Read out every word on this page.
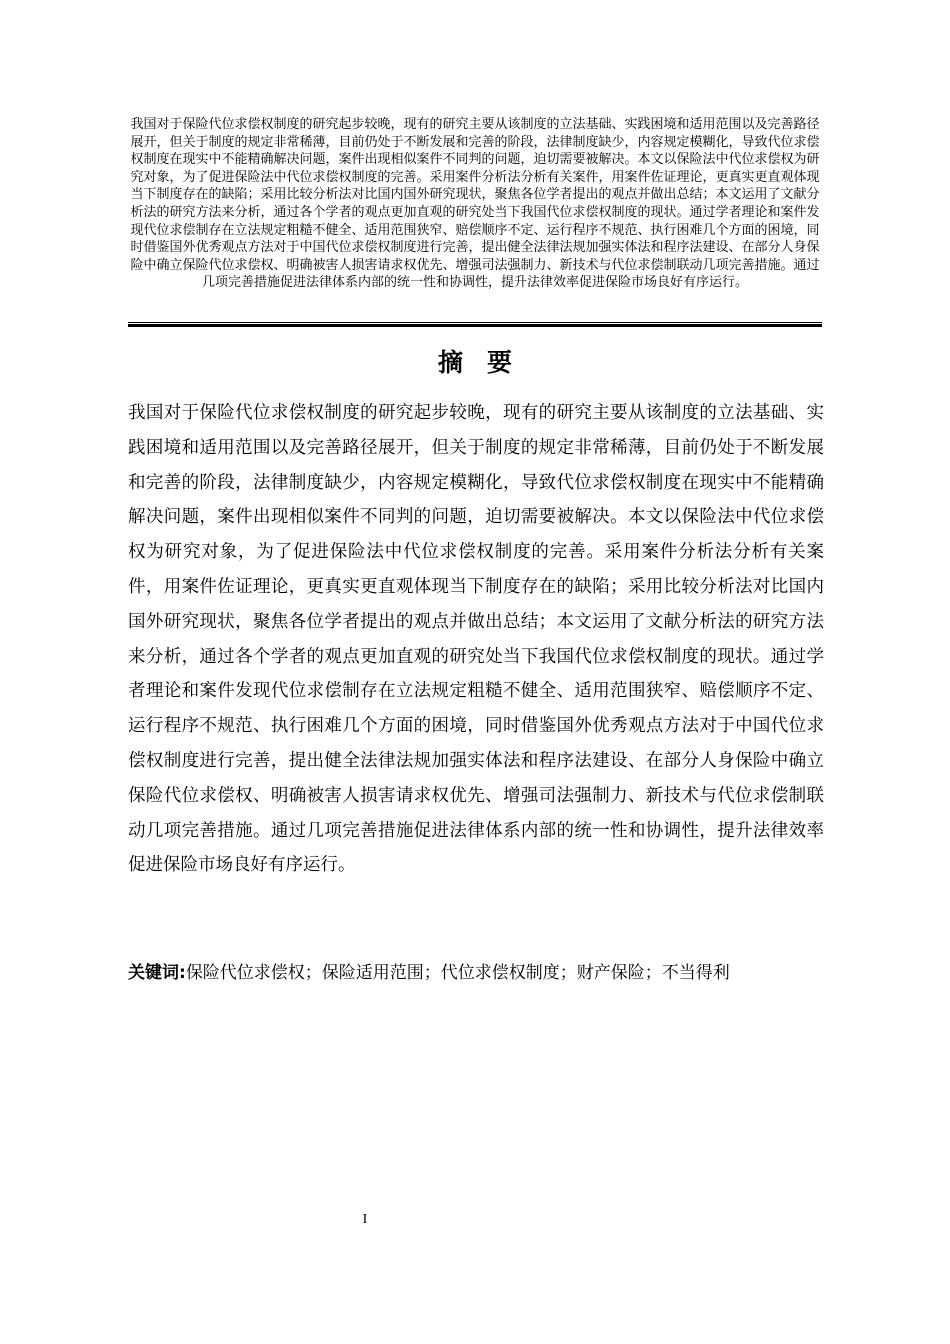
我国对于保险代位求偿权制度的研究起步较晚，现有的研究主要从该制度的立法基础、实践困境和适用范围以及完善路径展开，但关于制度的规定非常稀薄，目前仍处于不断发展和完善的阶段，法律制度缺少，内容规定模糊化，导致代位求偿权制度在现实中不能精确解决问题，案件出现相似案件不同判的问题，迫切需要被解决。本文以保险法中代位求偿权为研究对象，为了促进保险法中代位求偿权制度的完善。采用案件分析法分析有关案件，用案件佐证理论，更真实更直观体现当下制度存在的缺陷；采用比较分析法对比国内国外研究现状，聚焦各位学者提出的观点并做出总结；本文运用了文献分析法的研究方法来分析，通过各个学者的观点更加直观的研究处当下我国代位求偿权制度的现状。通过学者理论和案件发现代位求偿制存在立法规定粗糙不健全、适用范围狭窄、赔偿顺序不定、运行程序不规范、执行困难几个方面的困境，同时借鉴国外优秀观点方法对于中国代位求偿权制度进行完善，提出健全法律法规加强实体法和程序法建设、在部分人身保险中确立保险代位求偿权、明确被害人损害请求权优先、增强司法强制力、新技术与代位求偿制联动几项完善措施。通过几项完善措施促进法律体系内部的统一性和协调性，提升法律效率促进保险市场良好有序运行。
摘要
我国对于保险代位求偿权制度的研究起步较晚，现有的研究主要从该制度的立法基础、实践困境和适用范围以及完善路径展开，但关于制度的规定非常稀薄，目前仍处于不断发展和完善的阶段，法律制度缺少，内容规定模糊化，导致代位求偿权制度在现实中不能精确解决问题，案件出现相似案件不同判的问题，迫切需要被解决。本文以保险法中代位求偿权为研究对象，为了促进保险法中代位求偿权制度的完善。采用案件分析法分析有关案件，用案件佐证理论，更真实更直观体现当下制度存在的缺陷；采用比较分析法对比国内国外研究现状，聚焦各位学者提出的观点并做出总结；本文运用了文献分析法的研究方法来分析，通过各个学者的观点更加直观的研究处当下我国代位求偿权制度的现状。通过学者理论和案件发现代位求偿制存在立法规定粗糙不健全、适用范围狭窄、赔偿顺序不定、运行程序不规范、执行困难几个方面的困境，同时借鉴国外优秀观点方法对于中国代位求偿权制度进行完善，提出健全法律法规加强实体法和程序法建设、在部分人身保险中确立保险代位求偿权、明确被害人损害请求权优先、增强司法强制力、新技术与代位求偿制联动几项完善措施。通过几项完善措施促进法律体系内部的统一性和协调性，提升法律效率促进保险市场良好有序运行。
关键词:保险代位求偿权；保险适用范围；代位求偿权制度；财产保险；不当得利
I
